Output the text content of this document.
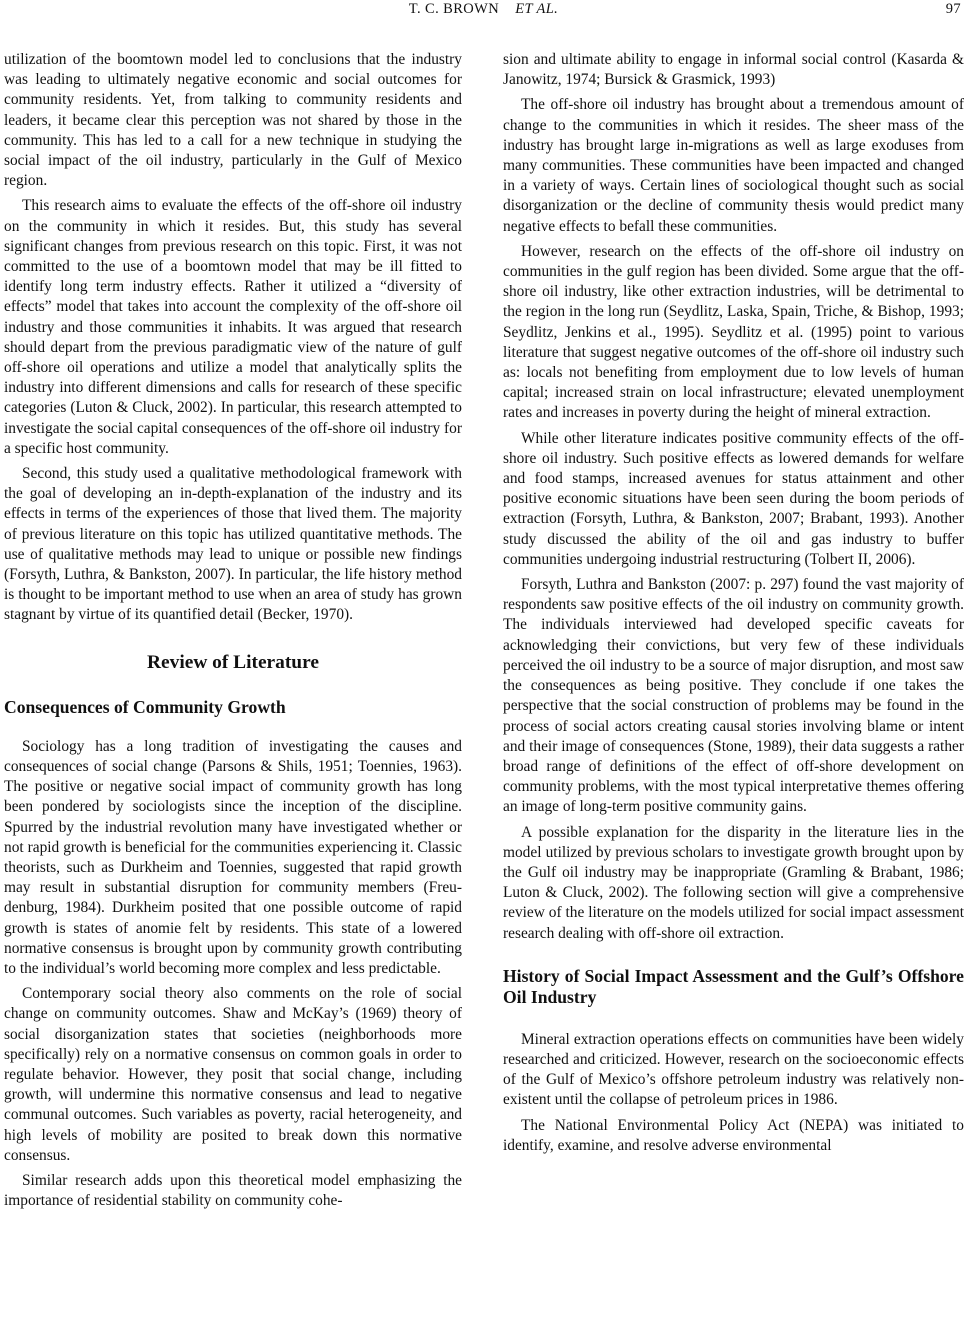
T. C. BROWN ET AL.	97

utilization of the boomtown model led to conclusions that the industry was leading to ultimately negative economic and social outcomes for community residents. Yet, from talking to community residents and leaders, it became clear this perception was not shared by those in the community. This has led to a call for a new technique in studying the social impact of the oil industry, particularly in the Gulf of Mexico region.

This research aims to evaluate the effects of the off-shore oil industry on the community in which it resides. But, this study has several significant changes from previous research on this topic. First, it was not committed to the use of a boomtown model that may be ill fitted to identify long term industry effects. Rather it utilized a “diversity of effects” model that takes into account the complexity of the off-shore oil industry and those communities it inhabits. It was argued that research should depart from the previous paradigmatic view of the nature of gulf off-shore oil operations and utilize a model that analytically splits the industry into different dimensions and calls for research of these specific categories (Luton & Cluck, 2002). In particular, this research attempted to investigate the social capital consequences of the off-shore oil industry for a specific host community.

Second, this study used a qualitative methodological framework with the goal of developing an in-depth-explanation of the industry and its effects in terms of the experiences of those that lived them. The majority of previous literature on this topic has utilized quantitative methods. The use of qualitative methods may lead to unique or possible new findings (Forsyth, Luthra, & Bankston, 2007). In particular, the life history method is thought to be important method to use when an area of study has grown stagnant by virtue of its quantified detail (Becker, 1970).

Review of Literature
Consequences of Community Growth

Sociology has a long tradition of investigating the causes and consequences of social change (Parsons & Shils, 1951; Toennies, 1963). The positive or negative social impact of community growth has long been pondered by sociologists since the inception of the discipline. Spurred by the industrial revolution many have investigated whether or not rapid growth is beneficial for the communities experiencing it. Classic theorists, such as Durkheim and Toennies, suggested that rapid growth may result in substantial disruption for community members (Freudenburg, 1984). Durkheim posited that one possible outcome of rapid growth is states of anomie felt by residents. This state of a lowered normative consensus is brought upon by community growth contributing to the individual’s world becoming more complex and less predictable.

Contemporary social theory also comments on the role of social change on community outcomes. Shaw and McKay’s (1969) theory of social disorganization states that societies (neighborhoods more specifically) rely on a normative consensus on common goals in order to regulate behavior. However, they posit that social change, including growth, will undermine this normative consensus and lead to negative communal outcomes. Such variables as poverty, racial heterogeneity, and high levels of mobility are posited to break down this normative consensus.

Similar research adds upon this theoretical model emphasizing the importance of residential stability on community cohe-

sion and ultimate ability to engage in informal social control (Kasarda & Janowitz, 1974; Bursick & Grasmick, 1993)

The off-shore oil industry has brought about a tremendous amount of change to the communities in which it resides. The sheer mass of the industry has brought large in-migrations as well as large exoduses from many communities. These communities have been impacted and changed in a variety of ways. Certain lines of sociological thought such as social disorganization or the decline of community thesis would predict many negative effects to befall these communities.

However, research on the effects of the off-shore oil industry on communities in the gulf region has been divided. Some argue that the off-shore oil industry, like other extraction industries, will be detrimental to the region in the long run (Seydlitz, Laska, Spain, Triche, & Bishop, 1993; Seydlitz, Jenkins et al., 1995). Seydlitz et al. (1995) point to various literature that suggest negative outcomes of the off-shore oil industry such as: locals not benefiting from employment due to low levels of human capital; increased strain on local infrastructure; elevated unemployment rates and increases in poverty during the height of mineral extraction.

While other literature indicates positive community effects of the off-shore oil industry. Such positive effects as lowered demands for welfare and food stamps, increased avenues for status attainment and other positive economic situations have been seen during the boom periods of extraction (Forsyth, Luthra, & Bankston, 2007; Brabant, 1993). Another study discussed the ability of the oil and gas industry to buffer communities undergoing industrial restructuring (Tolbert II, 2006).

Forsyth, Luthra and Bankston (2007: p. 297) found the vast majority of respondents saw positive effects of the oil industry on community growth. The individuals interviewed had developed specific caveats for acknowledging their convictions, but very few of these individuals perceived the oil industry to be a source of major disruption, and most saw the consequences as being positive. They conclude if one takes the perspective that the social construction of problems may be found in the process of social actors creating causal stories involving blame or intent and their image of consequences (Stone, 1989), their data suggests a rather broad range of definitions of the effect of off-shore development on community problems, with the most typical interpretative themes offering an image of long-term positive community gains.

A possible explanation for the disparity in the literature lies in the model utilized by previous scholars to investigate growth brought upon by the Gulf oil industry may be inappropriate (Gramling & Brabant, 1986; Luton & Cluck, 2002). The following section will give a comprehensive review of the literature on the models utilized for social impact assessment research dealing with off-shore oil extraction.

History of Social Impact Assessment and the Gulf’s Offshore Oil Industry

Mineral extraction operations effects on communities have been widely researched and criticized. However, research on the socioeconomic effects of the Gulf of Mexico’s offshore petroleum industry was relatively non-existent until the collapse of petroleum prices in 1986.

The National Environmental Policy Act (NEPA) was initiated to identify, examine, and resolve adverse environmental
